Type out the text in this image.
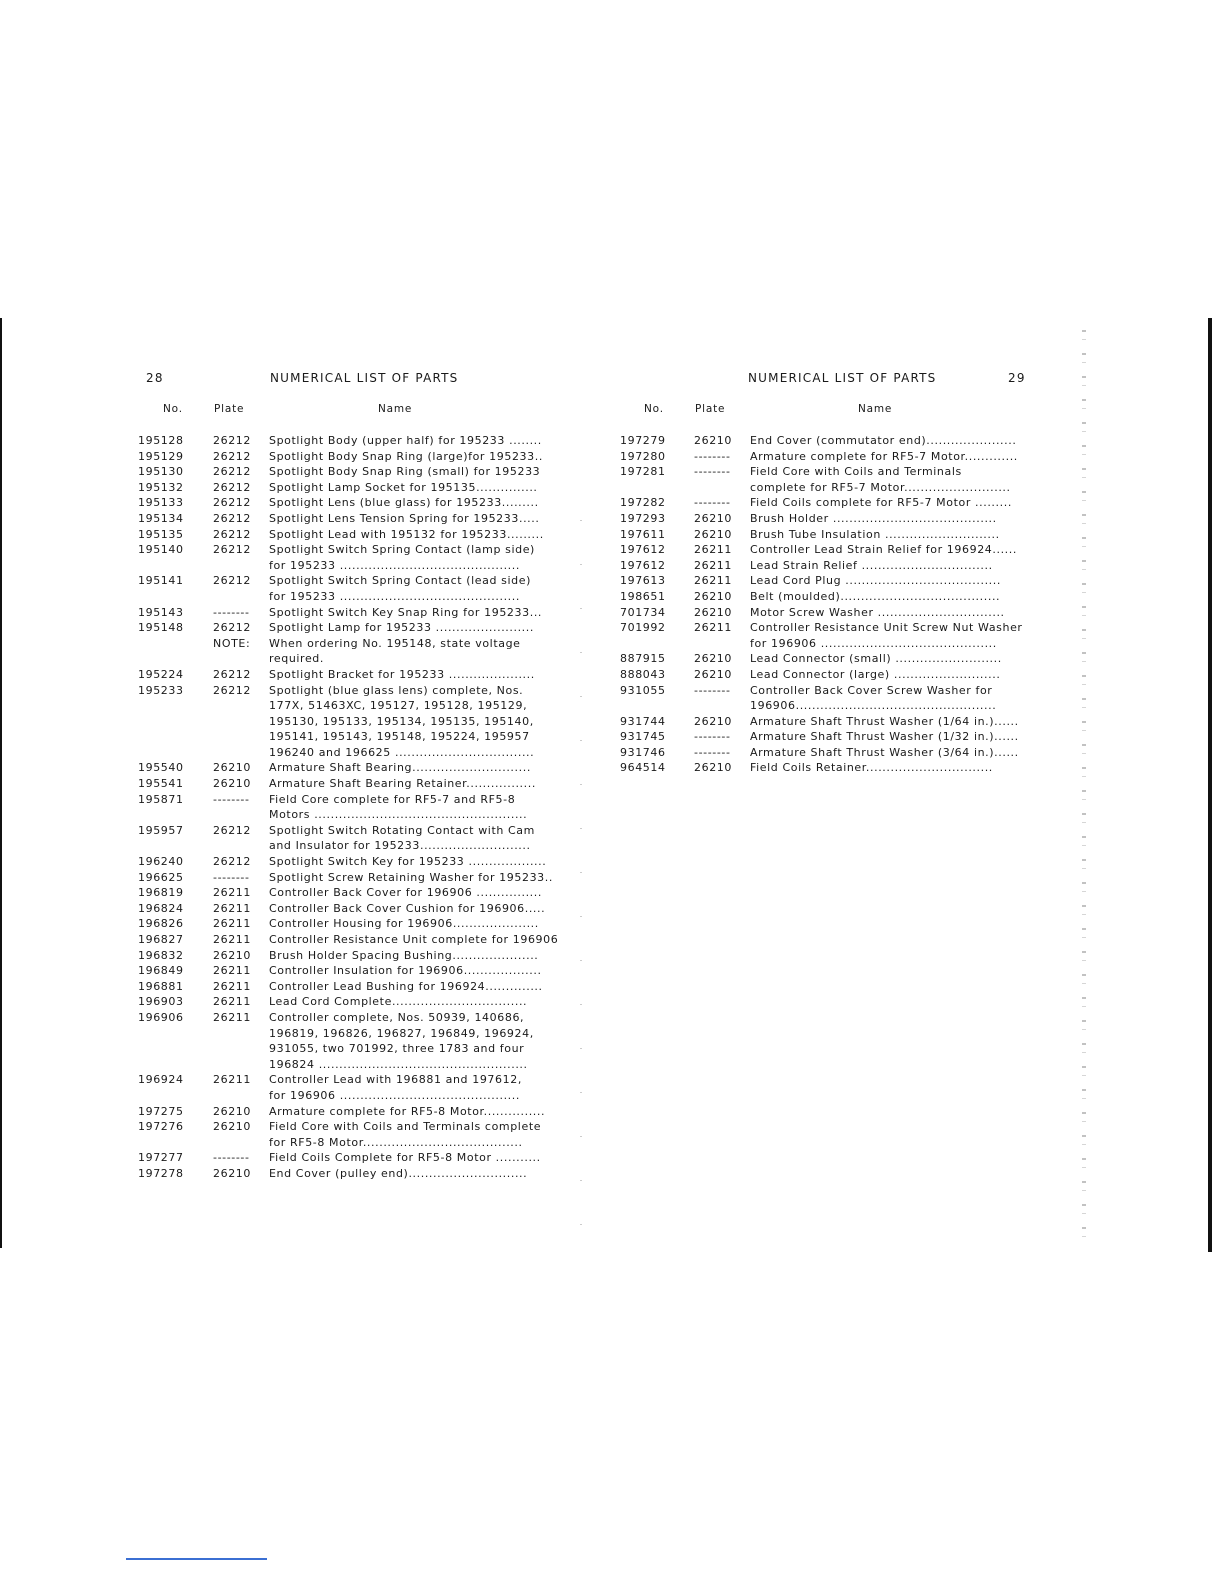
28	NUMERICAL LIST OF PARTS
No.	Plate	Name
NUMERICAL LIST OF PARTS	29
No.	Plate	Name
195128	26212 Spotlight Body (upper half) for 195233 ........
195129	26212 Spotlight Body Snap Ring (large)for 195233..
195130	26212 Spotlight Body Snap Ring (small) for 195233
195132	26212 Spotlight Lamp Socket for 195135...............
195133	26212 Spotlight Lens (blue glass) for 195233.........
195134	26212 Spotlight Lens Tension Spring for 195233.....
195135	26212 Spotlight Lead with 195132 for 195233.........
195140	26212 Spotlight Switch Spring Contact (lamp side)
for 195233 ............................................
195141	26212 Spotlight Switch Spring Contact (lead side)
for 195233 ............................................
195143	-------- Spotlight Switch Key Snap Ring for 195233...
195148	26212 Spotlight Lamp for 195233 ........................
NOTE: When ordering No. 195148, state voltage
required.
195224	26212 Spotlight Bracket for 195233 .....................
195233	26212 Spotlight (blue glass lens) complete, Nos.
177X, 51463XC, 195127, 195128, 195129,
195130, 195133, 195134, 195135, 195140,
195141, 195143, 195148, 195224, 195957
196240 and 196625 ..................................
195540	26210 Armature Shaft Bearing.............................
195541	26210 Armature Shaft Bearing Retainer.................
195871	-------- Field Core complete for RF5-7 and RF5-8
Motors ....................................................
195957	26212 Spotlight Switch Rotating Contact with Cam
and Insulator for 195233...........................
196240	26212 Spotlight Switch Key for 195233 ...................
196625	-------- Spotlight Screw Retaining Washer for 195233..
196819	26211 Controller Back Cover for 196906 ................
196824	26211 Controller Back Cover Cushion for 196906.....
196826	26211 Controller Housing for 196906.....................
196827	26211 Controller Resistance Unit complete for 196906
196832	26210 Brush Holder Spacing Bushing.....................
196849	26211 Controller Insulation for 196906...................
196881	26211 Controller Lead Bushing for 196924..............
196903	26211 Lead Cord Complete.................................
196906	26211 Controller complete, Nos. 50939, 140686,
196819, 196826, 196827, 196849, 196924,
931055, two 701992, three 1783 and four
196824 ...................................................
196924	26211 Controller Lead with 196881 and 197612,
for 196906 ............................................
197275	26210 Armature complete for RF5-8 Motor...............
197276	26210 Field Core with Coils and Terminals complete
for RF5-8 Motor.......................................
197277	-------- Field Coils Complete for RF5-8 Motor ...........
197278	26210 End Cover (pulley end).............................
197279	26210 End Cover (commutator end)......................
197280	-------- Armature complete for RF5-7 Motor.............
197281	-------- Field Core with Coils and Terminals
complete for RF5-7 Motor..........................
197282	-------- Field Coils complete for RF5-7 Motor .........
197293	26210 Brush Holder ........................................
197611	26210 Brush Tube Insulation ............................
197612	26211 Controller Lead Strain Relief for 196924......
197612	26211 Lead Strain Relief ................................
197613	26211 Lead Cord Plug ......................................
198651	26210 Belt (moulded).......................................
701734	26210 Motor Screw Washer ...............................
701992	26211 Controller Resistance Unit Screw Nut Washer
for 196906 ...........................................
887915	26210 Lead Connector (small) ..........................
888043	26210 Lead Connector (large) ..........................
931055	-------- Controller Back Cover Screw Washer for
196906.................................................
931744	26210 Armature Shaft Thrust Washer (1/64 in.)......
931745	-------- Armature Shaft Thrust Washer (1/32 in.)......
931746	-------- Armature Shaft Thrust Washer (3/64 in.)......
964514	26210 Field Coils Retainer...............................
